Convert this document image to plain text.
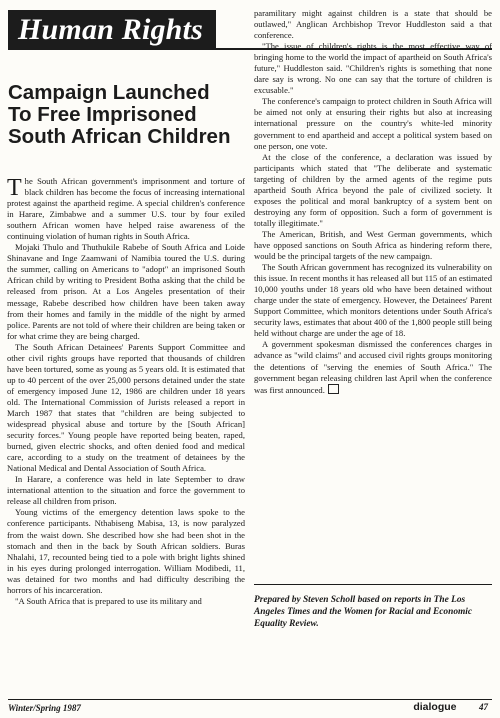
Human Rights
Campaign Launched
To Free Imprisoned
South African Children

The South African government's imprisonment and torture of black children has become the focus of increasing international protest against the apartheid regime. A special children's conference in Harare, Zimbabwe and a summer U.S. tour by four exiled southern African women have helped raise awareness of the continuing violation of human rights in South Africa.

Mojaki Thulo and Thuthukile Rabebe of South Africa and Loide Shinavane and Inge Zaamwani of Namibia toured the U.S. during the summer, calling on Americans to "adopt" an imprisoned South African child by writing to President Botha asking that the child be released from prison. At a Los Angeles presentation of their message, Rabebe described how children have been taken away from their homes and family in the middle of the night by armed police. Parents are not told of where their children are being taken or for what crime they are being charged.

The South African Detainees' Parents Support Committee and other civil rights groups have reported that thousands of children have been tortured, some as young as 5 years old. It is estimated that up to 40 percent of the over 25,000 persons detained under the state of emergency imposed June 12, 1986 are children under 18 years old. The International Commission of Jurists released a report in March 1987 that states that "children are being subjected to widespread physical abuse and torture by the [South African] security forces." Young people have reported being beaten, raped, burned, given electric shocks, and often denied food and medical care, according to a study on the treatment of detainees by the National Medical and Dental Association of South Africa.

In Harare, a conference was held in late September to draw international attention to the situation and force the government to release all children from prison.

Young victims of the emergency detention laws spoke to the conference participants. Nthabiseng Mabisa, 13, is now paralyzed from the waist down. She described how she had been shot in the stomach and then in the back by South African soldiers. Buras Nhalahi, 17, recounted being tied to a pole with bright lights shined in his eyes during prolonged interrogation. William Modibedi, 11, was detained for two months and had difficulty describing the horrors of his incarceration.

"A South Africa that is prepared to use its military and

paramilitary might against children is a state that should be outlawed," Anglican Archbishop Trevor Huddleston said a that conference.

"The issue of children's rights is the most effective way of bringing home to the world the impact of apartheid on South Africa's future," Huddleston said. "Children's rights is something that none dare say is wrong. No one can say that the torture of children is excusable."

The conference's campaign to protect children in South Africa will be aimed not only at ensuring their rights but also at increasing international pressure on the country's white-led minority government to end apartheid and accept a political system based on one person, one vote.

At the close of the conference, a declaration was issued by participants which stated that "The deliberate and systematic targeting of children by the armed agents of the regime puts apartheid South Africa beyond the pale of civilized society. It exposes the political and moral bankruptcy of a system bent on destroying any form of opposition. Such a form of government is totally illegitimate."

The American, British, and West German governments, which have opposed sanctions on South Africa as hindering reform there, would be the principal targets of the new campaign.

The South African government has recognized its vulnerability on this issue. In recent months it has released all but 115 of an estimated 10,000 youths under 18 years old who have been detained without charge under the state of emergency. However, the Detainees' Parent Support Committee, which monitors detentions under South Africa's security laws, estimates that about 400 of the 1,800 people still being held without charge are under the age of 18.

A government spokesman dismissed the conferences charges in advance as "wild claims" and accused civil rights groups monitoring the detentions of "serving the enemies of South Africa." The government began releasing children last April when the conference was first announced.

Prepared by Steven Scholl based on reports in The Los Angeles Times and the Women for Racial and Economic Equality Review.

Winter/Spring 1987	dialogue	47
